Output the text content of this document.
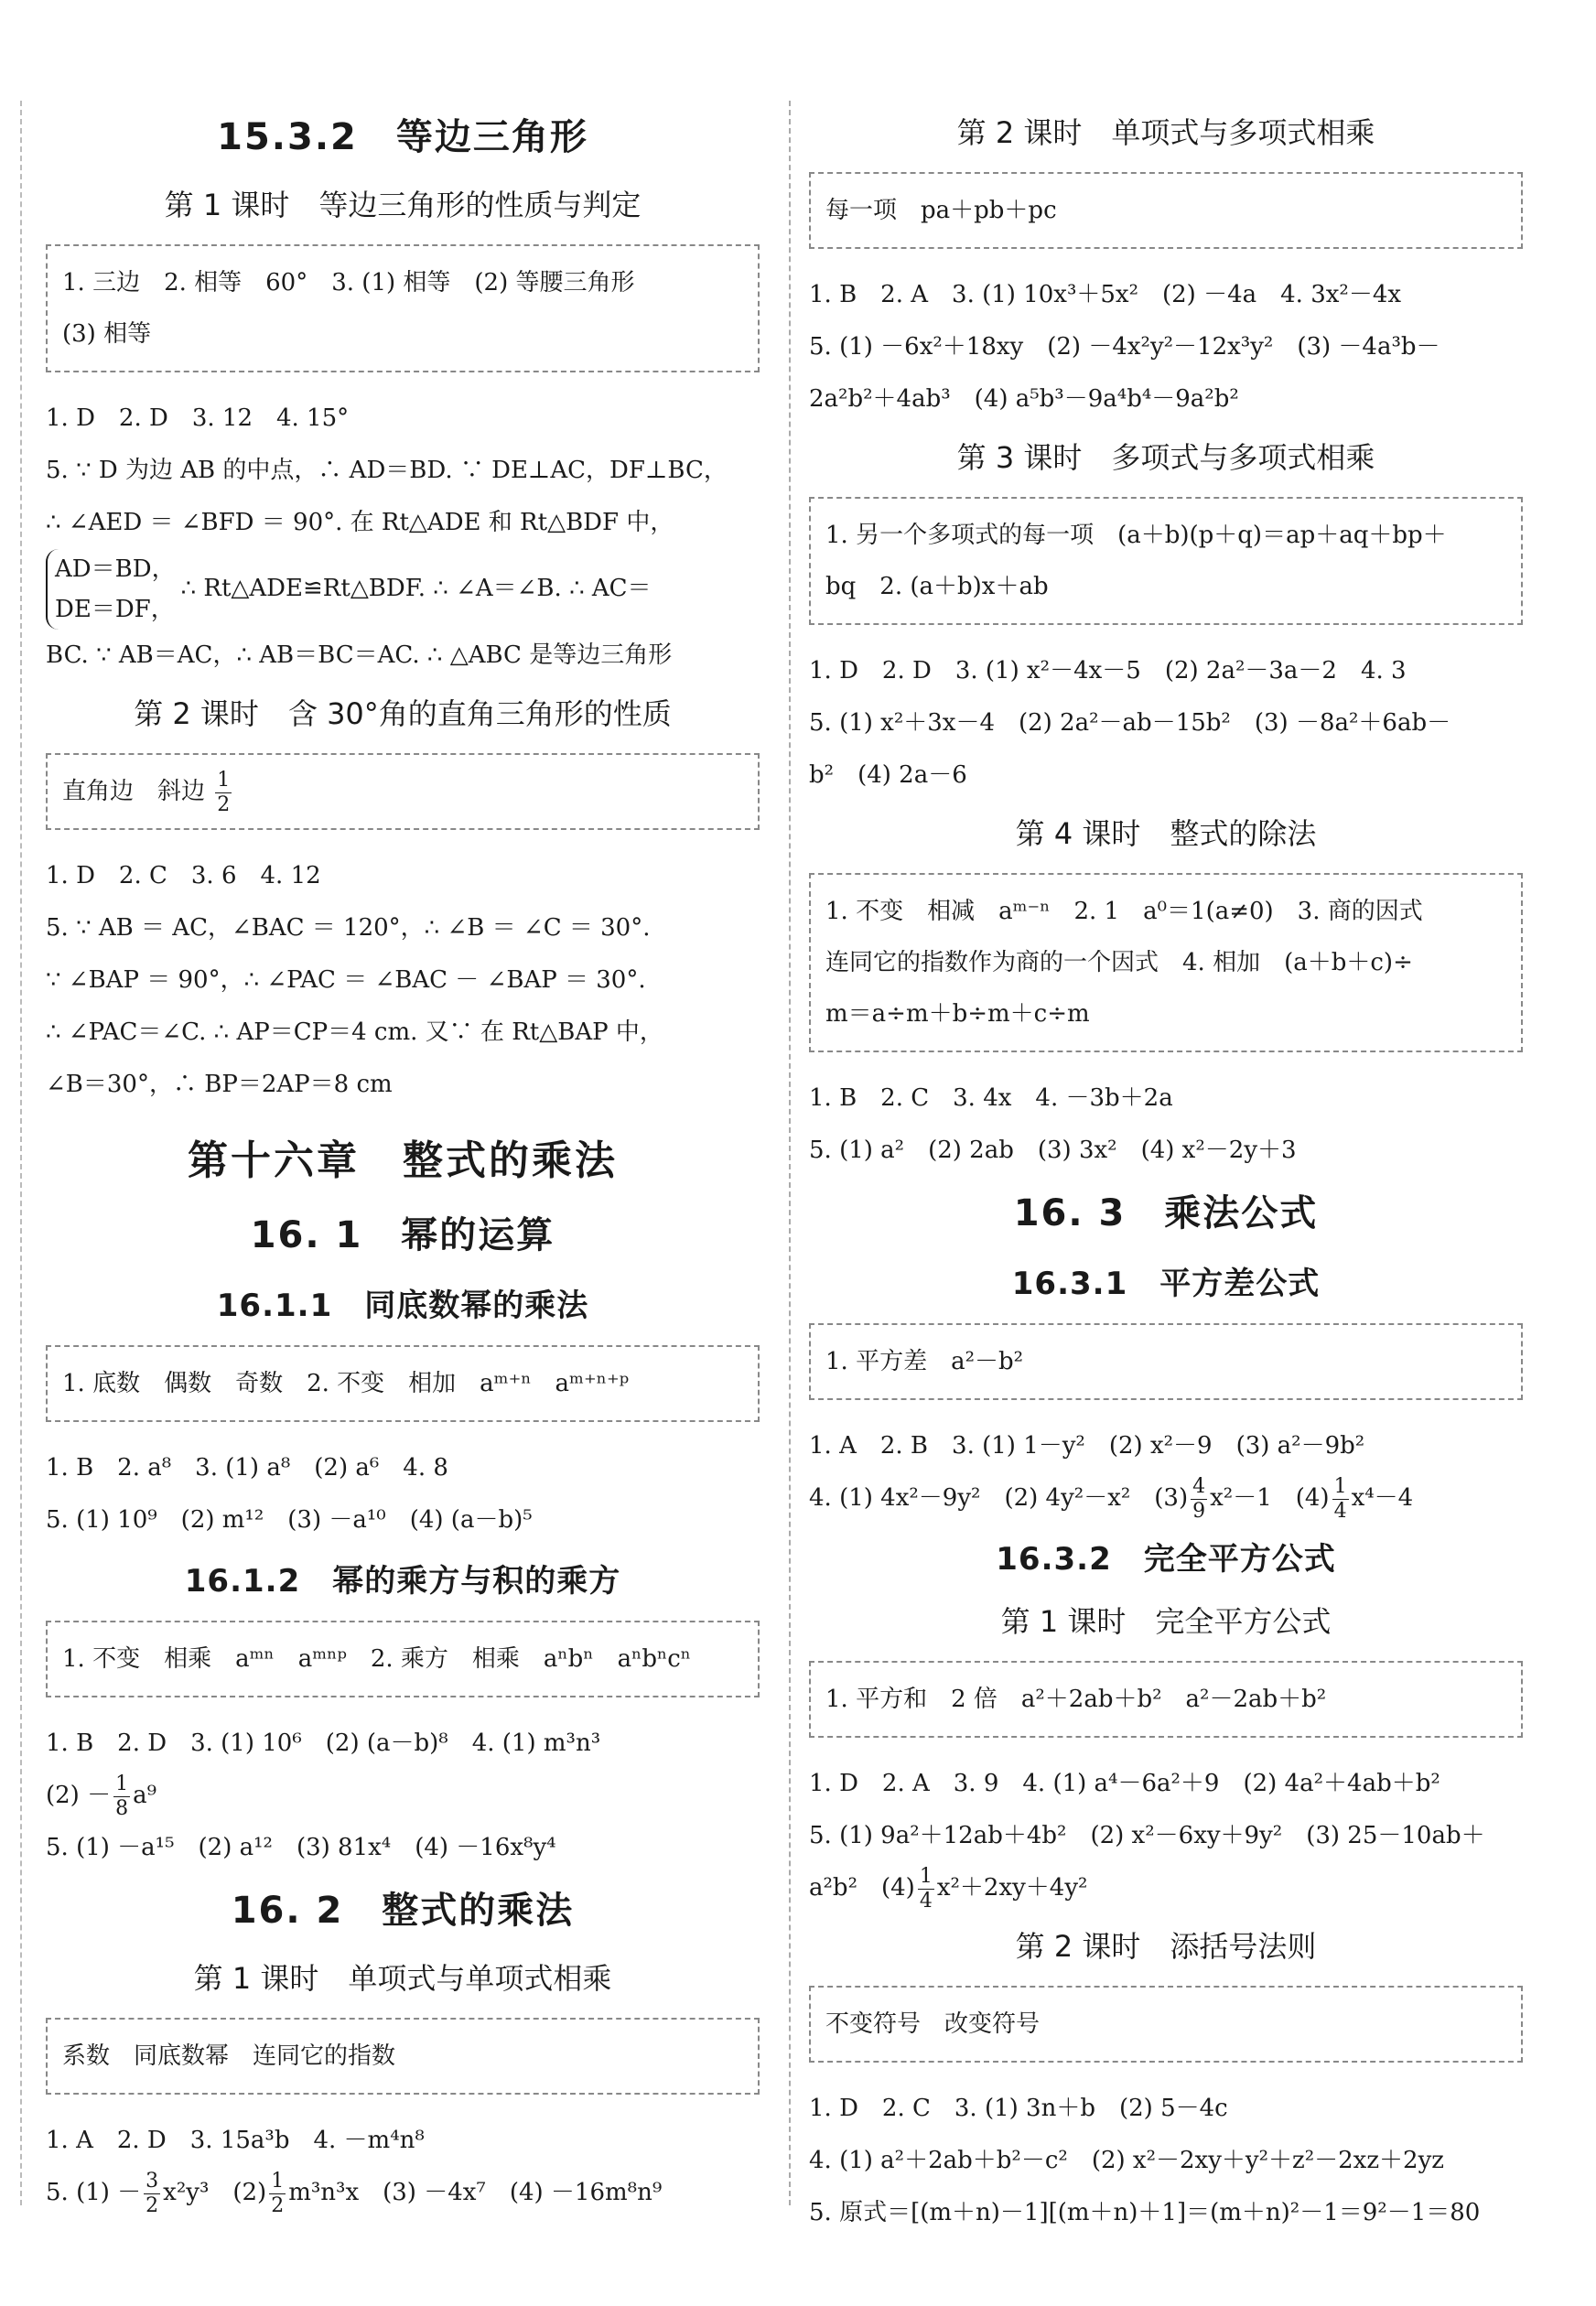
15.3.2　等边三角形
第 1 课时　等边三角形的性质与判定
1. 三边　2. 相等　60°　3. (1) 相等　(2) 等腰三角形
(3) 相等

1. D　2. D　3. 12　4. 15°

5. ∵ D 为边 AB 的中点，∴ AD＝BD. ∵ DE⊥AC，DF⊥BC，

∴ ∠AED ＝ ∠BFD ＝ 90°. 在 Rt△ADE 和 Rt△BDF 中，

AD＝BD，
DE＝DF，
∴ Rt△ADE≌Rt△BDF. ∴ ∠A＝∠B. ∴ AC＝

BC. ∵ AB＝AC，∴ AB＝BC＝AC. ∴ △ABC 是等边三角形

第 2 课时　含 30°角的直角三角形的性质
直角边　斜边 $\frac{1}{2}$

1. D　2. C　3. 6　4. 12

5. ∵ AB ＝ AC，∠BAC ＝ 120°，∴ ∠B ＝ ∠C ＝ 30°.

∵ ∠BAP ＝ 90°，∴ ∠PAC ＝ ∠BAC － ∠BAP ＝ 30°.

∴ ∠PAC＝∠C. ∴ AP＝CP＝4 cm. 又∵ 在 Rt△BAP 中，

∠B＝30°，∴ BP＝2AP＝8 cm

第十六章　整式的乘法
16. 1　幂的运算
16.1.1　同底数幂的乘法
1. 底数　偶数　奇数　2. 不变　相加　aᵐ⁺ⁿ　aᵐ⁺ⁿ⁺ᵖ

1. B　2. a⁸　3. (1) a⁸　(2) a⁶　4. 8

5. (1) 10⁹　(2) m¹²　(3) －a¹⁰　(4) (a－b)⁵

16.1.2　幂的乘方与积的乘方
1. 不变　相乘　aᵐⁿ　aᵐⁿᵖ　2. 乘方　相乘　aⁿbⁿ　aⁿbⁿcⁿ

1. B　2. D　3. (1) 10⁶　(2) (a－b)⁸　4. (1) m³n³

$(2) - \frac{1}{8} a^9$

5. (1) －a¹⁵　(2) a¹²　(3) 81x⁴　(4) －16x⁸y⁴

16. 2　整式的乘法
第 1 课时　单项式与单项式相乘
系数　同底数幂　连同它的指数

1. A　2. D　3. 15a³b　4. －m⁴n⁸

5. $(1) - \frac{3}{2} x^2y^3$　$(2) \frac{1}{2} m^3n^3x$　(3) －4x⁷　(4) －16m⁸n⁹

第 2 课时　单项式与多项式相乘
每一项　pa＋pb＋pc

1. B　2. A　3. (1) 10x³＋5x²　(2) －4a　4. 3x²－4x

5. (1) －6x²＋18xy　(2) －4x²y²－12x³y²　(3) －4a³b－

2a²b²＋4ab³　(4) a⁵b³－9a⁴b⁴－9a²b²

第 3 课时　多项式与多项式相乘
1. 另一个多项式的每一项　(a＋b)(p＋q)＝ap＋aq＋bp＋
bq　2. (a＋b)x＋ab

1. D　2. D　3. (1) x²－4x－5　(2) 2a²－3a－2　4. 3

5. (1) x²＋3x－4　(2) 2a²－ab－15b²　(3) －8a²＋6ab－

b²　(4) 2a－6

第 4 课时　整式的除法
1. 不变　相减　aᵐ⁻ⁿ　2. 1　a⁰＝1(a≠0)　3. 商的因式
连同它的指数作为商的一个因式　4. 相加　(a＋b＋c)÷
m＝a÷m＋b÷m＋c÷m

1. B　2. C　3. 4x　4. －3b＋2a

5. (1) a²　(2) 2ab　(3) 3x²　(4) x²－2y＋3

16. 3　乘法公式
16.3.1　平方差公式
1. 平方差　a²－b²

1. A　2. B　3. (1) 1－y²　(2) x²－9　(3) a²－9b²

4. (1) 4x²－9y²　(2) 4y²－x²　$(3) \frac{4}{9} x^2-1$　$(4) \frac{1}{4} x^4-4$

16.3.2　完全平方公式
第 1 课时　完全平方公式
1. 平方和　2 倍　a²＋2ab＋b²　a²－2ab＋b²

1. D　2. A　3. 9　4. (1) a⁴－6a²＋9　(2) 4a²＋4ab＋b²

5. (1) 9a²＋12ab＋4b²　(2) x²－6xy＋9y²　(3) 25－10ab＋

a²b²　$(4) \frac{1}{4} x^2+2xy+4y^2$

第 2 课时　添括号法则
不变符号　改变符号

1. D　2. C　3. (1) 3n＋b　(2) 5－4c

4. (1) a²＋2ab＋b²－c²　(2) x²－2xy＋y²＋z²－2xz＋2yz

5. 原式＝[(m＋n)－1][(m＋n)＋1]＝(m＋n)²－1＝9²－1＝80
